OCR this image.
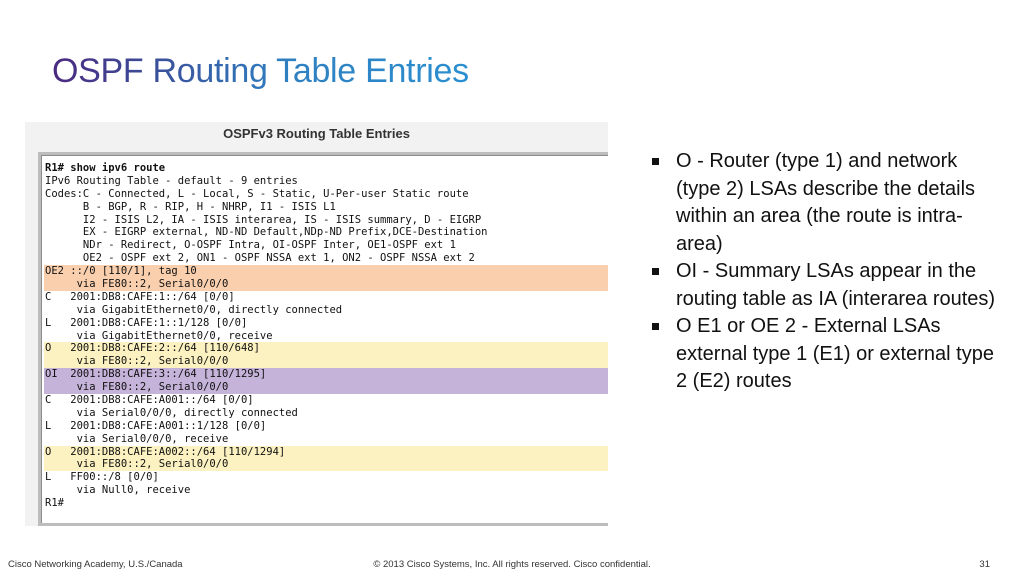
OSPF Routing Table Entries
OSPFv3 Routing Table Entries
R1# show ipv6 route
IPv6 Routing Table - default - 9 entries
Codes:C - Connected, L - Local, S - Static, U-Per-user Static route
B - BGP, R - RIP, H - NHRP, I1 - ISIS L1
I2 - ISIS L2, IA - ISIS interarea, IS - ISIS summary, D - EIGRP
EX - EIGRP external, ND-ND Default,NDp-ND Prefix,DCE-Destination
NDr - Redirect, O-OSPF Intra, OI-OSPF Inter, OE1-OSPF ext 1
OE2 - OSPF ext 2, ON1 - OSPF NSSA ext 1, ON2 - OSPF NSSA ext 2
OE2 ::/0 [110/1], tag 10
via FE80::2, Serial0/0/0
C   2001:DB8:CAFE:1::/64 [0/0]
via GigabitEthernet0/0, directly connected
L   2001:DB8:CAFE:1::1/128 [0/0]
via GigabitEthernet0/0, receive
O   2001:DB8:CAFE:2::/64 [110/648]
via FE80::2, Serial0/0/0
OI  2001:DB8:CAFE:3::/64 [110/1295]
via FE80::2, Serial0/0/0
C   2001:DB8:CAFE:A001::/64 [0/0]
via Serial0/0/0, directly connected
L   2001:DB8:CAFE:A001::1/128 [0/0]
via Serial0/0/0, receive
O   2001:DB8:CAFE:A002::/64 [110/1294]
via FE80::2, Serial0/0/0
L   FF00::/8 [0/0]
via Null0, receive
R1#
O - Router (type 1) and network (type 2) LSAs describe the details within an area (the route is intra-area)
OI - Summary LSAs appear in the routing table as IA (interarea routes)
O E1 or OE 2 - External LSAs external type 1 (E1) or external type 2 (E2) routes
Cisco Networking Academy, U.S./Canada	© 2013 Cisco Systems, Inc. All rights reserved. Cisco confidential.	31
